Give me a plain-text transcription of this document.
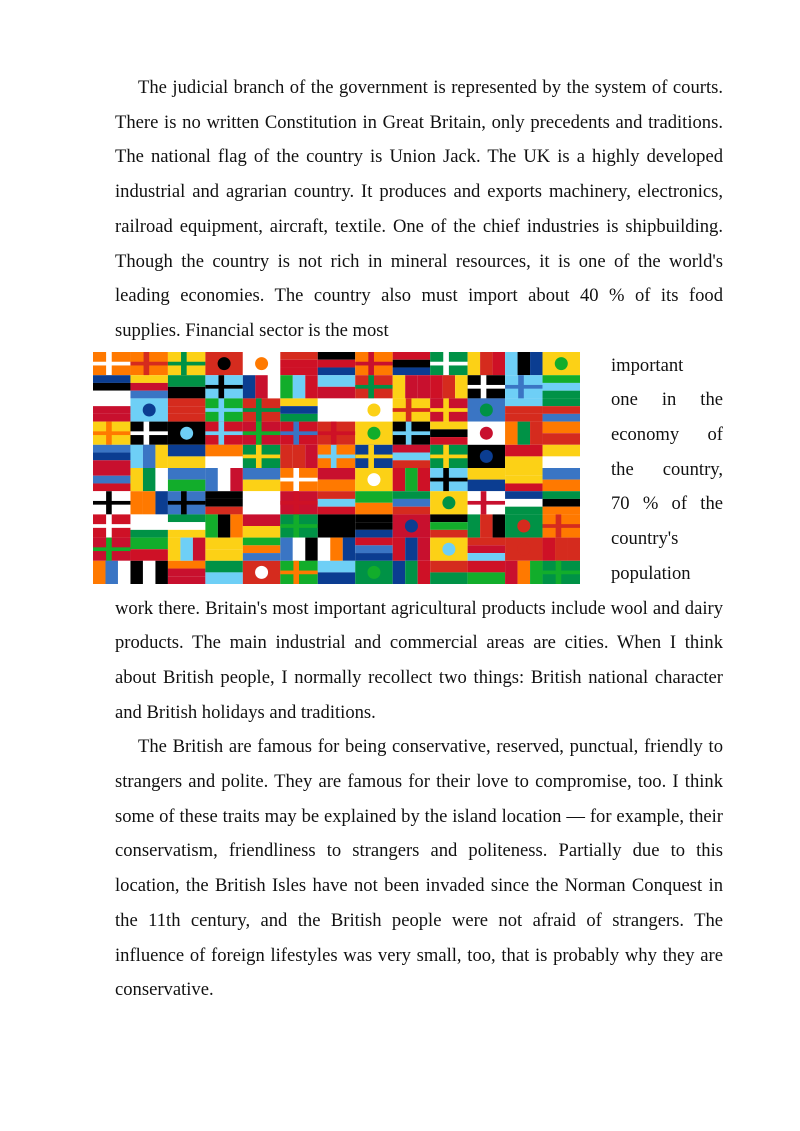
The judicial branch of the government is represented by the system of courts. There is no written Constitution in Great Britain, only precedents and traditions. The national flag of the country is Union Jack. The UK is a highly developed industrial and agrarian country. It produces and exports machinery, electronics, railroad equipment, aircraft, textile. One of the chief industries is shipbuilding. Though the country is not rich in mineral resources, it is one of the world's leading economies. The country also must import about 40 % of its food supplies. Financial sector is the most

important
one in the
economy of
the country,
70 % of the
country's
population

work there. Britain's most important agricultural products include wool and dairy products. The main industrial and commercial areas are cities. When I think about British people, I normally recollect two things: British national character and British holidays and traditions.

The British are famous for being conservative, reserved, punctual, friendly to strangers and polite. They are famous for their love to compromise, too. I think some of these traits may be explained by the island location — for example, their conservatism, friendliness to strangers and politeness. Partially due to this location, the British Isles have not been invaded since the Norman Conquest in the 11th century, and the British people were not afraid of strangers. The influence of foreign lifestyles was very small, too, that is probably why they are conservative.
